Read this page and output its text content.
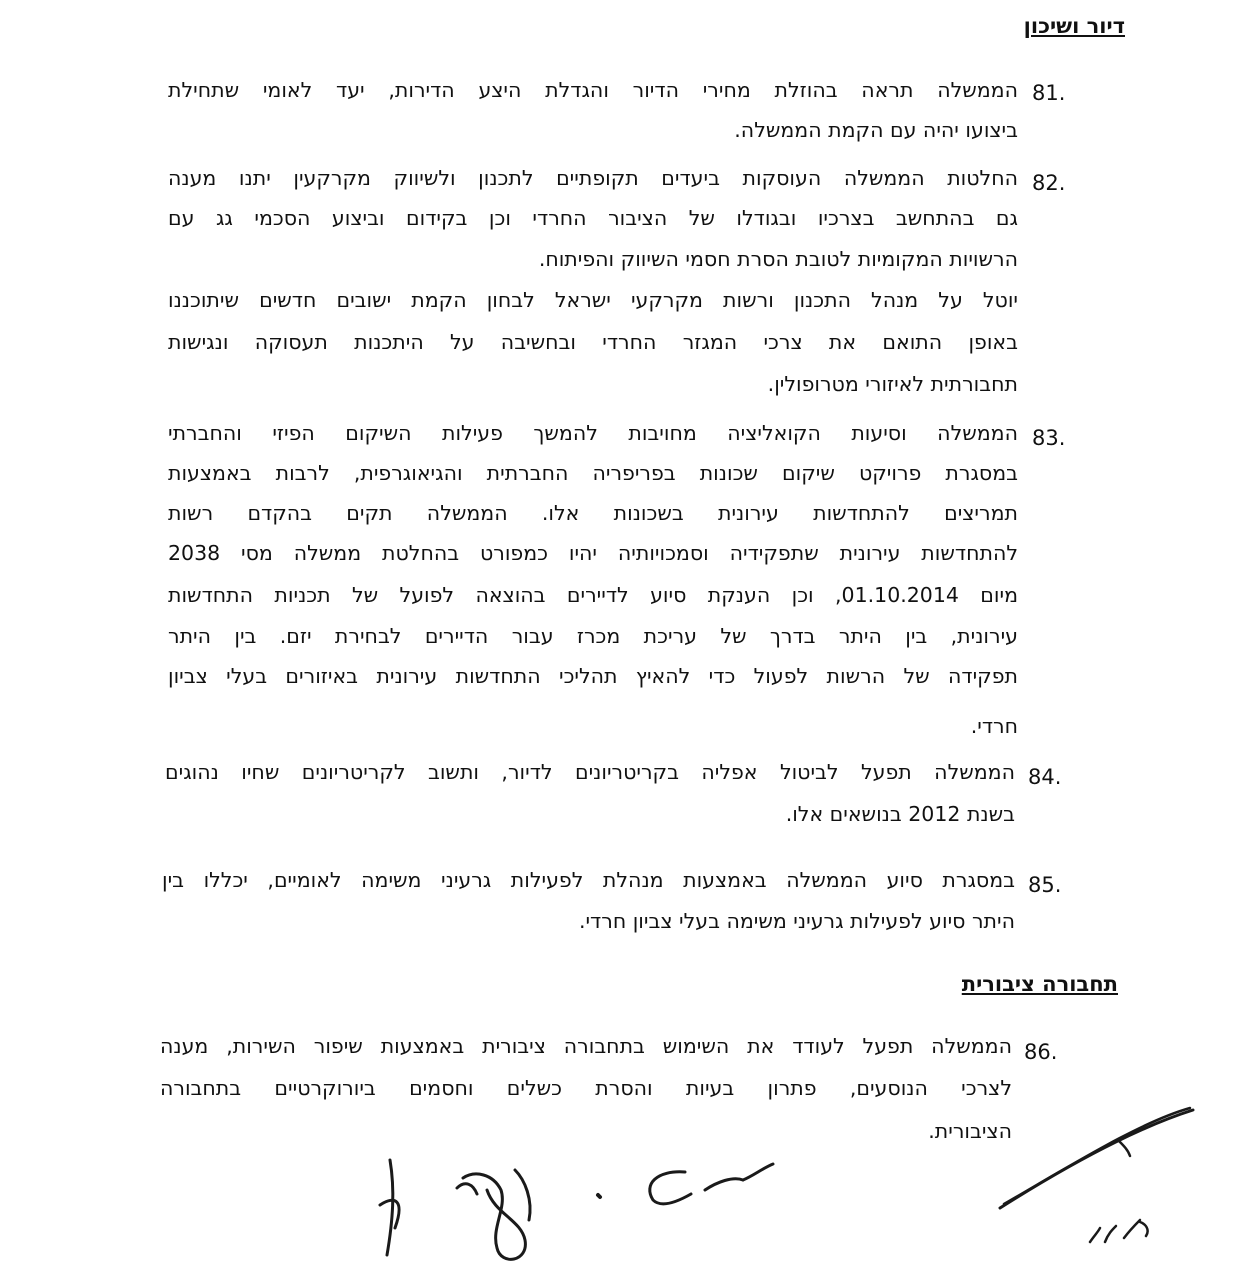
דיור ושיכון
81.
הממשלה תראה בהוזלת מחירי הדיור והגדלת היצע הדירות, יעד לאומי שתחילת
ביצועו יהיה עם הקמת הממשלה.
82.
החלטות הממשלה העוסקות ביעדים תקופתיים לתכנון ולשיווק מקרקעין יתנו מענה
גם בהתחשב בצרכיו ובגודלו של הציבור החרדי וכן בקידום וביצוע הסכמי גג עם
הרשויות המקומיות לטובת הסרת חסמי השיווק והפיתוח.
יוטל על מנהל התכנון ורשות מקרקעי ישראל לבחון הקמת ישובים חדשים שיתוכננו
באופן התואם את צרכי המגזר החרדי ובחשיבה על היתכנות תעסוקה ונגישות
תחבורתית לאיזורי מטרופולין.
83.
הממשלה וסיעות הקואליציה מחויבות להמשך פעילות השיקום הפיזי והחברתי
במסגרת פרויקט שיקום שכונות בפריפריה החברתית והגיאוגרפית, לרבות באמצעות
תמריצים להתחדשות עירונית בשכונות אלו. הממשלה תקים בהקדם רשות
להתחדשות עירונית שתפקידיה וסמכויותיה יהיו כמפורט בהחלטת ממשלה מסי 2038
מיום 01.10.2014, וכן הענקת סיוע לדיירים בהוצאה לפועל של תכניות התחדשות
עירונית, בין היתר בדרך של עריכת מכרז עבור הדיירים לבחירת יזם. בין היתר
תפקידה של הרשות לפעול כדי להאיץ תהליכי התחדשות עירונית באיזורים בעלי צביון
חרדי.
84.
הממשלה תפעל לביטול אפליה בקריטריונים לדיור, ותשוב לקריטריונים שחיו נהוגים
בשנת 2012 בנושאים אלו.
85.
במסגרת סיוע הממשלה באמצעות מנהלת לפעילות גרעיני משימה לאומיים, יכללו בין
היתר סיוע לפעילות גרעיני משימה בעלי צביון חרדי.
תחבורה ציבורית
86.
הממשלה תפעל לעודד את השימוש בתחבורה ציבורית באמצעות שיפור השירות, מענה
לצרכי הנוסעים, פתרון בעיות והסרת כשלים וחסמים ביורוקרטיים בתחבורה
הציבורית.
